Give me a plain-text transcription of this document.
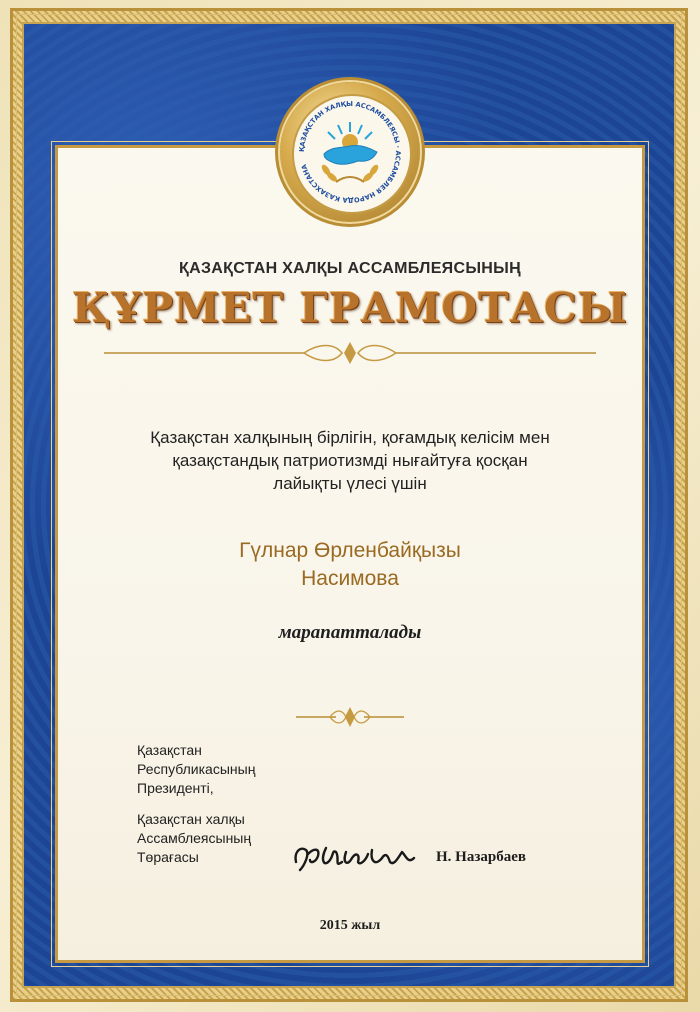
ҚАЗАҚСТАН ХАЛҚЫ АССАМБЛЕЯСЫ · АССАМБЛЕЯ НАРОДА КАЗАХСТАНА
ҚАЗАҚСТАН ХАЛҚЫ АССАМБЛЕЯСЫНЫҢ
ҚҰРМЕТ ГРАМОТАСЫ
Қазақстан халқының бірлігін, қоғамдық келісім мен
қазақстандық патриотизмді нығайтуға қосқан
лайықты үлесі үшін
Гүлнар Өрленбайқызы
Насимова
марапатталады
Қазақстан
Республикасының
Президенті,
Қазақстан халқы
Ассамблеясының
Төрағасы	Н. Назарбаев
2015 жыл
